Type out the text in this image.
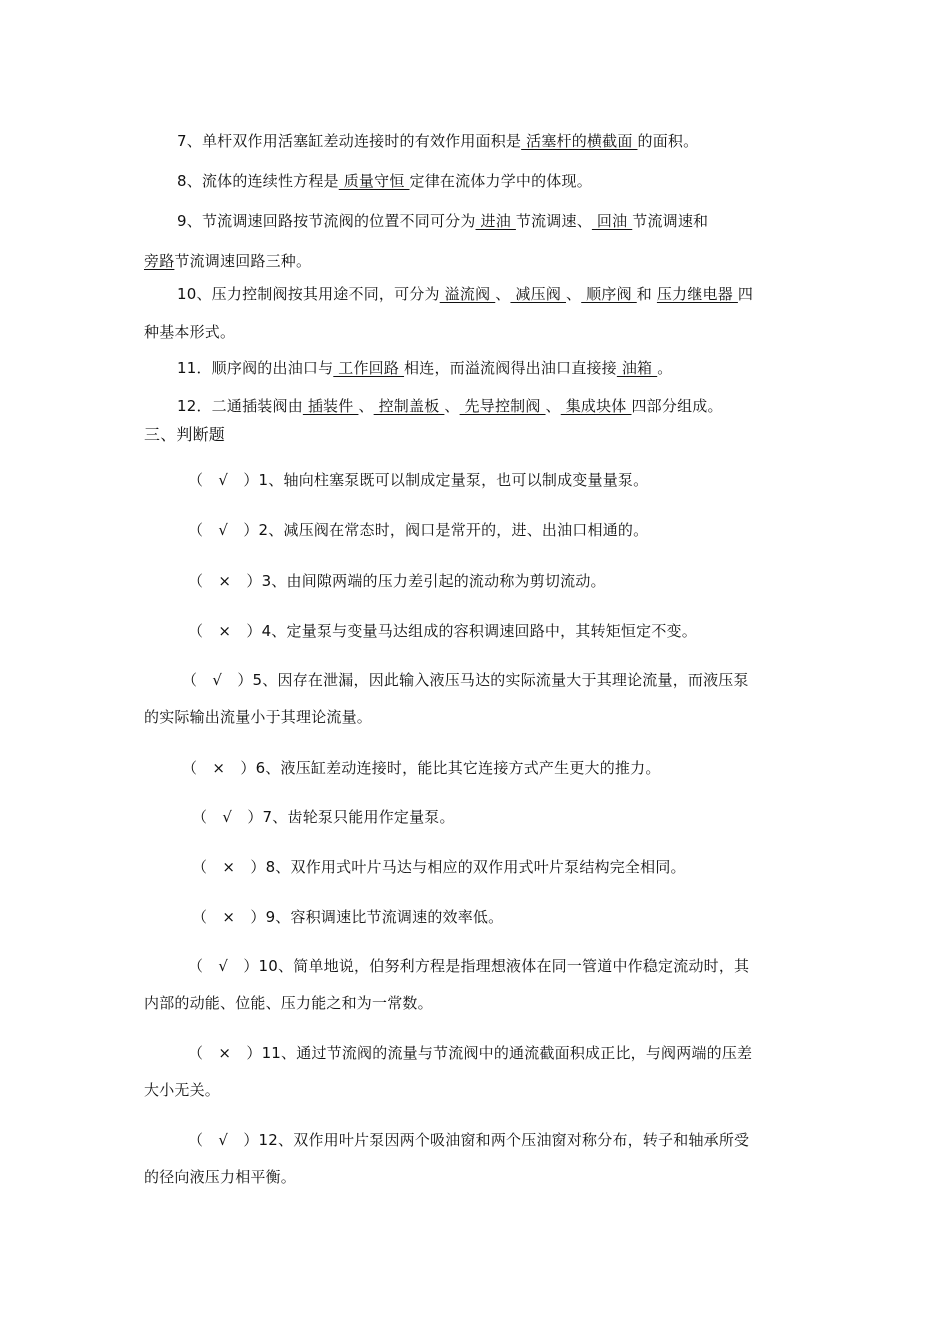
7、单杆双作用活塞缸差动连接时的有效作用面积是 活塞杆的横截面 的面积。
8、流体的连续性方程是 质量守恒 定律在流体力学中的体现。
9、节流调速回路按节流阀的位置不同可分为 进油 节流调速、 回油 节流调速和
旁路节流调速回路三种。
10、压力控制阀按其用途不同，可分为 溢流阀 、 减压阀 、 顺序阀 和 压力继电器 四
种基本形式。
11．顺序阀的出油口与 工作回路 相连，而溢流阀得出油口直接接 油箱 。
12．二通插装阀由 插装件 、 控制盖板 、 先导控制阀 、 集成块体 四部分组成。
三、判断题
（　√　）1、轴向柱塞泵既可以制成定量泵，也可以制成变量量泵。
（　√　）2、减压阀在常态时，阀口是常开的，进、出油口相通的。
（　×　）3、由间隙两端的压力差引起的流动称为剪切流动。
（　×　）4、定量泵与变量马达组成的容积调速回路中，其转矩恒定不变。
（　√　）5、因存在泄漏，因此输入液压马达的实际流量大于其理论流量，而液压泵
的实际输出流量小于其理论流量。
（　×　）6、液压缸差动连接时，能比其它连接方式产生更大的推力。
（　√　）7、齿轮泵只能用作定量泵。
（　×　）8、双作用式叶片马达与相应的双作用式叶片泵结构完全相同。
（　×　）9、容积调速比节流调速的效率低。
（　√　）10、简单地说，伯努利方程是指理想液体在同一管道中作稳定流动时，其
内部的动能、位能、压力能之和为一常数。
（　×　）11、通过节流阀的流量与节流阀中的通流截面积成正比，与阀两端的压差
大小无关。
（　√　）12、双作用叶片泵因两个吸油窗和两个压油窗对称分布，转子和轴承所受
的径向液压力相平衡。
